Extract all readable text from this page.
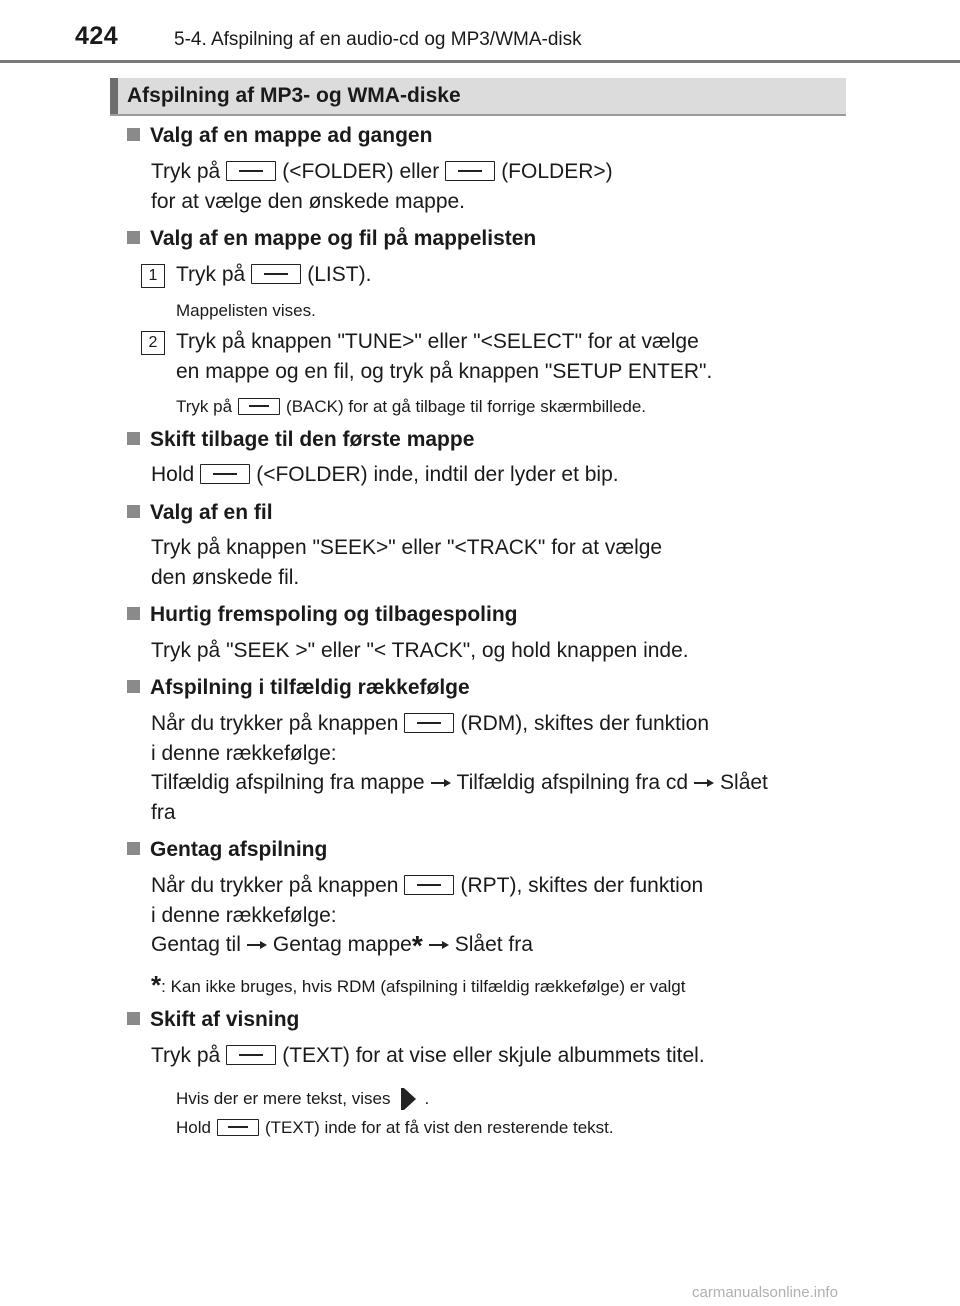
424	5-4. Afspilning af en audio-cd og MP3/WMA-disk
Afspilning af MP3- og WMA-diske
Valg af en mappe ad gangen
Tryk på	(<FOLDER) eller	(FOLDER>)
for at vælge den ønskede mappe.
Valg af en mappe og fil på mappelisten
1 Tryk på	(LIST).
Mappelisten vises.
2 Tryk på knappen "TUNE>" eller "<SELECT" for at vælge
en mappe og en fil, og tryk på knappen "SETUP ENTER".
Tryk på	(BACK) for at gå tilbage til forrige skærmbillede.
Skift tilbage til den første mappe
Hold	(<FOLDER) inde, indtil der lyder et bip.
Valg af en fil
Tryk på knappen "SEEK>" eller "<TRACK" for at vælge
den ønskede fil.
Hurtig fremspoling og tilbagespoling
Tryk på "SEEK >" eller "< TRACK", og hold knappen inde.
Afspilning i tilfældig rækkefølge
Når du trykker på knappen	(RDM), skiftes der funktion
i denne rækkefølge:
Tilfældig afspilning fra mappe Tilfældig afspilning fra cd Slået
fra
Gentag afspilning
Når du trykker på knappen	(RPT), skiftes der funktion
i denne rækkefølge:
Gentag til Gentag mappe* Slået fra
*: Kan ikke bruges, hvis RDM (afspilning i tilfældig rækkefølge) er valgt
Skift af visning
Tryk på	(TEXT) for at vise eller skjule albummets titel.
Hvis der er mere tekst, vises .
Hold	(TEXT) inde for at få vist den resterende tekst.
carmanualsonline.info
